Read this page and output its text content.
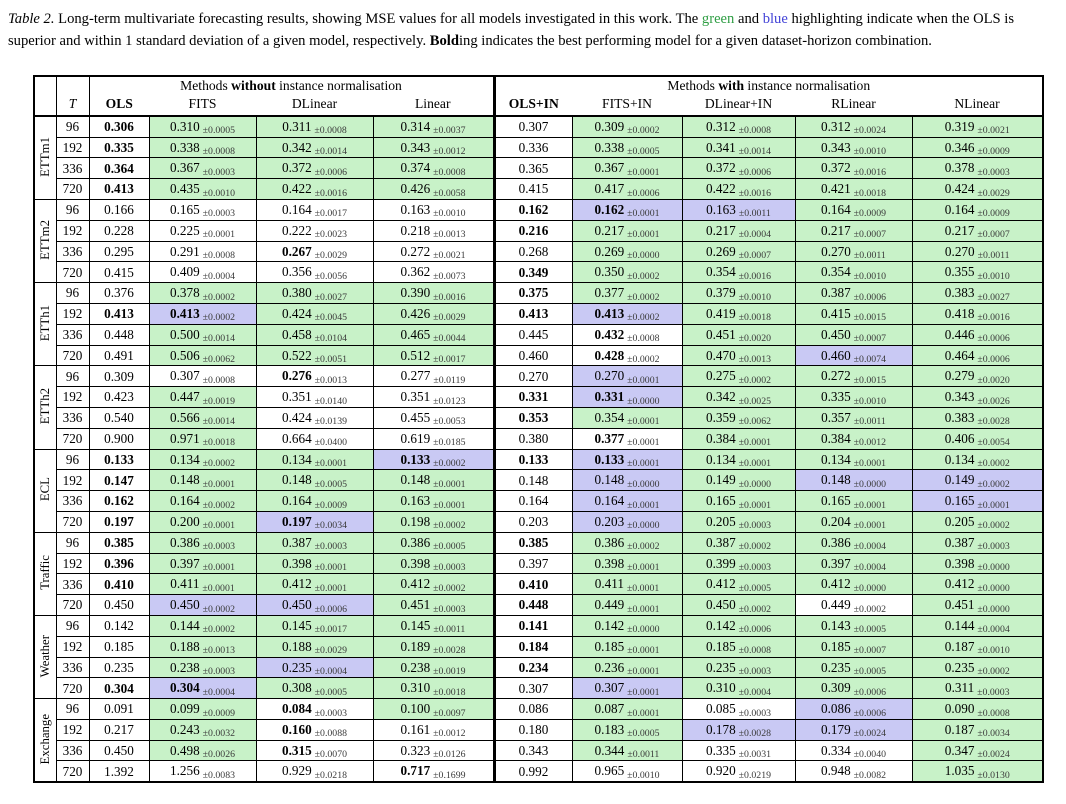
Table 2. Long-term multivariate forecasting results, showing MSE values for all models investigated in this work. The green and blue highlighting indicate when the OLS is superior and within 1 standard deviation of a given model, respectively. Bolding indicates the best performing model for a given dataset-horizon combination.
	T	Methods without instance normalisation				Methods with instance normalisation				
		OLS	FITS	DLinear	Linear	OLS+IN	FITS+IN	DLinear+IN	RLinear	NLinear
ETTm1	96	0.306	0.310 ±0.0005	0.311 ±0.0008	0.314 ±0.0037	0.307	0.309 ±0.0002	0.312 ±0.0008	0.312 ±0.0024	0.319 ±0.0021
	192	0.335	0.338 ±0.0008	0.342 ±0.0014	0.343 ±0.0012	0.336	0.338 ±0.0005	0.341 ±0.0014	0.343 ±0.0010	0.346 ±0.0009
	336	0.364	0.367 ±0.0003	0.372 ±0.0006	0.374 ±0.0008	0.365	0.367 ±0.0001	0.372 ±0.0006	0.372 ±0.0016	0.378 ±0.0003
	720	0.413	0.435 ±0.0010	0.422 ±0.0016	0.426 ±0.0058	0.415	0.417 ±0.0006	0.422 ±0.0016	0.421 ±0.0018	0.424 ±0.0029
ETTm2	96	0.166	0.165 ±0.0003	0.164 ±0.0017	0.163 ±0.0010	0.162	0.162 ±0.0001	0.163 ±0.0011	0.164 ±0.0009	0.164 ±0.0009
	192	0.228	0.225 ±0.0001	0.222 ±0.0023	0.218 ±0.0013	0.216	0.217 ±0.0001	0.217 ±0.0004	0.217 ±0.0007	0.217 ±0.0007
	336	0.295	0.291 ±0.0008	0.267 ±0.0029	0.272 ±0.0021	0.268	0.269 ±0.0000	0.269 ±0.0007	0.270 ±0.0011	0.270 ±0.0011
	720	0.415	0.409 ±0.0004	0.356 ±0.0056	0.362 ±0.0073	0.349	0.350 ±0.0002	0.354 ±0.0016	0.354 ±0.0010	0.355 ±0.0010
ETTh1	96	0.376	0.378 ±0.0002	0.380 ±0.0027	0.390 ±0.0016	0.375	0.377 ±0.0002	0.379 ±0.0010	0.387 ±0.0006	0.383 ±0.0027
	192	0.413	0.413 ±0.0002	0.424 ±0.0045	0.426 ±0.0029	0.413	0.413 ±0.0002	0.419 ±0.0018	0.415 ±0.0015	0.418 ±0.0016
	336	0.448	0.500 ±0.0014	0.458 ±0.0104	0.465 ±0.0044	0.445	0.432 ±0.0008	0.451 ±0.0020	0.450 ±0.0007	0.446 ±0.0006
	720	0.491	0.506 ±0.0062	0.522 ±0.0051	0.512 ±0.0017	0.460	0.428 ±0.0002	0.470 ±0.0013	0.460 ±0.0074	0.464 ±0.0006
ETTh2	96	0.309	0.307 ±0.0008	0.276 ±0.0013	0.277 ±0.0119	0.270	0.270 ±0.0001	0.275 ±0.0002	0.272 ±0.0015	0.279 ±0.0020
	192	0.423	0.447 ±0.0019	0.351 ±0.0140	0.351 ±0.0123	0.331	0.331 ±0.0000	0.342 ±0.0025	0.335 ±0.0010	0.343 ±0.0026
	336	0.540	0.566 ±0.0014	0.424 ±0.0139	0.455 ±0.0053	0.353	0.354 ±0.0001	0.359 ±0.0062	0.357 ±0.0011	0.383 ±0.0028
	720	0.900	0.971 ±0.0018	0.664 ±0.0400	0.619 ±0.0185	0.380	0.377 ±0.0001	0.384 ±0.0001	0.384 ±0.0012	0.406 ±0.0054
ECL	96	0.133	0.134 ±0.0002	0.134 ±0.0001	0.133 ±0.0002	0.133	0.133 ±0.0001	0.134 ±0.0001	0.134 ±0.0001	0.134 ±0.0002
	192	0.147	0.148 ±0.0001	0.148 ±0.0005	0.148 ±0.0001	0.148	0.148 ±0.0000	0.149 ±0.0000	0.148 ±0.0000	0.149 ±0.0002
	336	0.162	0.164 ±0.0002	0.164 ±0.0009	0.163 ±0.0001	0.164	0.164 ±0.0001	0.165 ±0.0001	0.165 ±0.0001	0.165 ±0.0001
	720	0.197	0.200 ±0.0001	0.197 ±0.0034	0.198 ±0.0002	0.203	0.203 ±0.0000	0.205 ±0.0003	0.204 ±0.0001	0.205 ±0.0002
Traffic	96	0.385	0.386 ±0.0003	0.387 ±0.0003	0.386 ±0.0005	0.385	0.386 ±0.0002	0.387 ±0.0002	0.386 ±0.0004	0.387 ±0.0003
	192	0.396	0.397 ±0.0001	0.398 ±0.0001	0.398 ±0.0003	0.397	0.398 ±0.0001	0.399 ±0.0003	0.397 ±0.0004	0.398 ±0.0000
	336	0.410	0.411 ±0.0001	0.412 ±0.0001	0.412 ±0.0002	0.410	0.411 ±0.0001	0.412 ±0.0005	0.412 ±0.0000	0.412 ±0.0000
	720	0.450	0.450 ±0.0002	0.450 ±0.0006	0.451 ±0.0003	0.448	0.449 ±0.0001	0.450 ±0.0002	0.449 ±0.0002	0.451 ±0.0000
Weather	96	0.142	0.144 ±0.0002	0.145 ±0.0017	0.145 ±0.0011	0.141	0.142 ±0.0000	0.142 ±0.0006	0.143 ±0.0005	0.144 ±0.0004
	192	0.185	0.188 ±0.0013	0.188 ±0.0029	0.189 ±0.0028	0.184	0.185 ±0.0001	0.185 ±0.0008	0.185 ±0.0007	0.187 ±0.0010
	336	0.235	0.238 ±0.0003	0.235 ±0.0004	0.238 ±0.0019	0.234	0.236 ±0.0001	0.235 ±0.0003	0.235 ±0.0005	0.235 ±0.0002
	720	0.304	0.304 ±0.0004	0.308 ±0.0005	0.310 ±0.0018	0.307	0.307 ±0.0001	0.310 ±0.0004	0.309 ±0.0006	0.311 ±0.0003
Exchange	96	0.091	0.099 ±0.0009	0.084 ±0.0003	0.100 ±0.0097	0.086	0.087 ±0.0001	0.085 ±0.0003	0.086 ±0.0006	0.090 ±0.0008
	192	0.217	0.243 ±0.0032	0.160 ±0.0088	0.161 ±0.0012	0.180	0.183 ±0.0005	0.178 ±0.0028	0.179 ±0.0024	0.187 ±0.0034
	336	0.450	0.498 ±0.0026	0.315 ±0.0070	0.323 ±0.0126	0.343	0.344 ±0.0011	0.335 ±0.0031	0.334 ±0.0040	0.347 ±0.0024
	720	1.392	1.256 ±0.0083	0.929 ±0.0218	0.717 ±0.1699	0.992	0.965 ±0.0010	0.920 ±0.0219	0.948 ±0.0082	1.035 ±0.0130
